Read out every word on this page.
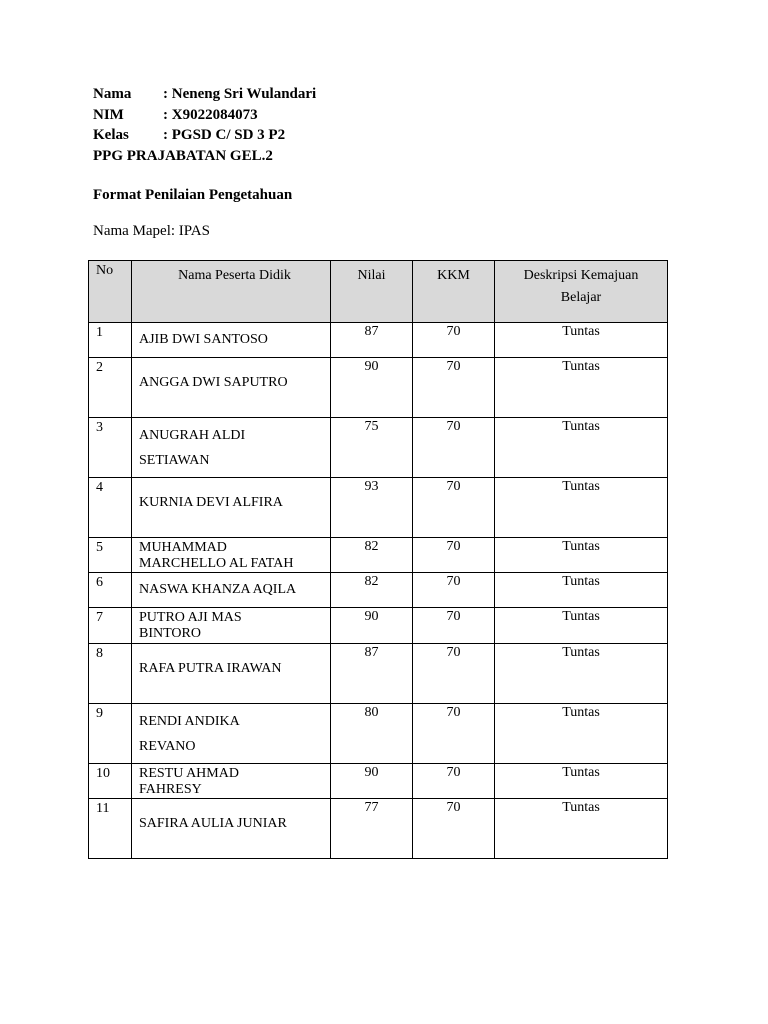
Nama	: Neneng Sri Wulandari
NIM	: X9022084073
Kelas	: PGSD C/ SD 3 P2
PPG PRAJABATAN GEL.2
Format Penilaian Pengetahuan
Nama Mapel: IPAS
No	Nama Peserta Didik	Nilai	KKM	Deskripsi Kemajuan
Belajar

1	AJIB DWI SANTOSO	87	70	Tuntas

2	ANGGA DWI SAPUTRO	90	70	Tuntas

3	ANUGRAH ALDI
SETIAWAN	75	70	Tuntas

4	KURNIA DEVI ALFIRA	93	70	Tuntas

5	MUHAMMAD
MARCHELLO AL FATAH	82	70	Tuntas

6	NASWA KHANZA AQILA	82	70	Tuntas

7	PUTRO AJI MAS
BINTORO	90	70	Tuntas

8	RAFA PUTRA IRAWAN	87	70	Tuntas

9	RENDI ANDIKA
REVANO	80	70	Tuntas

10	RESTU AHMAD
FAHRESY	90	70	Tuntas

11	SAFIRA AULIA JUNIAR	77	70	Tuntas
